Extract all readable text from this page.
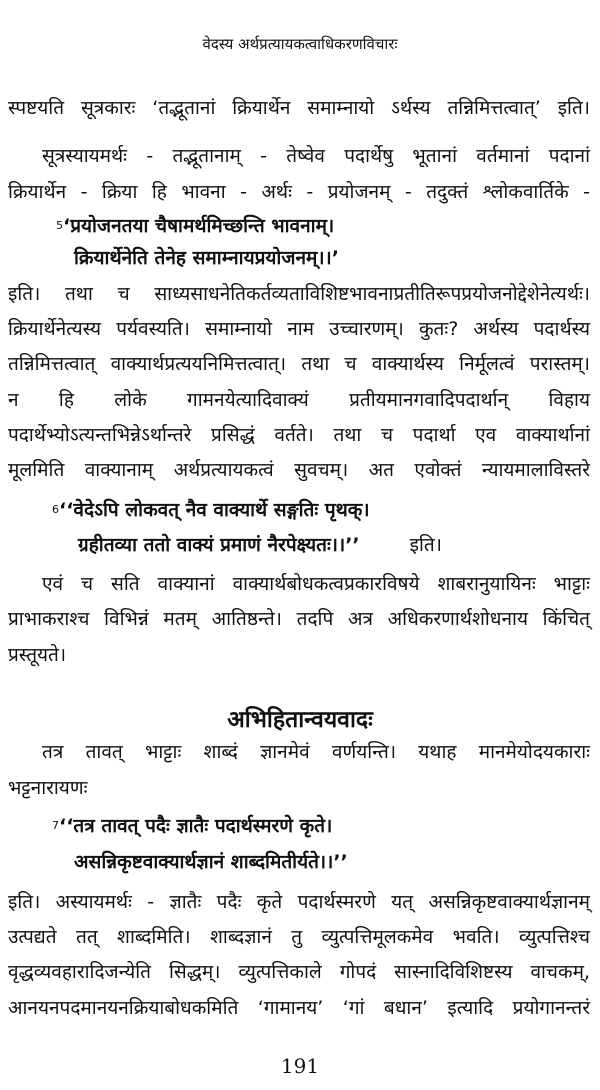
वेदस्य अर्थप्रत्यायकत्वाधिकरणविचारः
स्पष्टयति सूत्रकारः ‘तद्भूतानां क्रियार्थेन समाम्नायो ऽर्थस्य तन्निमित्तत्वात्’ इति।
सूत्रस्यायमर्थः - तद्भूतानाम् - तेष्वेव पदार्थेषु भूतानां वर्तमानां पदानां
क्रियार्थेन - क्रिया हि भावना - अर्थः - प्रयोजनम् - तदुक्तं श्लोकवार्तिके -
$^5$‘प्रयोजनतया चैषामर्थमिच्छन्ति भावनाम्।
क्रियार्थेनेति तेनेह समाम्नायप्रयोजनम्।।’
इति। तथा च साध्यसाधनेतिकर्तव्यताविशिष्टभावनाप्रतीतिरूपप्रयोजनोद्देशेनेत्यर्थः।
क्रियार्थेनेत्यस्य पर्यवस्यति। समाम्नायो नाम उच्चारणम्। कुतः? अर्थस्य पदार्थस्य
तन्निमित्तत्वात् वाक्यार्थप्रत्ययनिमित्तत्वात्। तथा च वाक्यार्थस्य निर्मूलत्वं परास्तम्।
न हि लोके गामनयेत्यादिवाक्यं प्रतीयमानगवादिपदार्थान् विहाय
पदार्थेभ्योऽत्यन्तभिन्नेऽर्थान्तरे प्रसिद्धं वर्तते। तथा च पदार्था एव वाक्यार्थानां
मूलमिति वाक्यानाम् अर्थप्रत्यायकत्वं सुवचम्। अत एवोक्तं न्यायमालाविस्तरे
$^6$‘‘वेदेऽपि लोकवत् नैव वाक्यार्थे सङ्गतिः पृथक्।
ग्रहीतव्या ततो वाक्यं प्रमाणं नैरपेक्ष्यतः।।’’	इति।
एवं च सति वाक्यानां वाक्यार्थबोधकत्वप्रकारविषये शाबरानुयायिनः भाट्टाः
प्राभाकराश्च विभिन्नं मतम् आतिष्ठन्ते। तदपि अत्र अधिकरणार्थशोधनाय किंचित्
प्रस्तूयते।
अभिहितान्वयवादः
तत्र तावत् भाट्टाः शाब्दं ज्ञानमेवं वर्णयन्ति। यथाह मानमेयोदयकाराः
भट्टनारायणः
$^7$‘‘तत्र तावत् पदैः ज्ञातैः पदार्थस्मरणे कृते।
असन्निकृष्टवाक्यार्थज्ञानं शाब्दमितीर्यते।।’’
इति। अस्यायमर्थः - ज्ञातैः पदैः कृते पदार्थस्मरणे यत् असन्निकृष्टवाक्यार्थज्ञानम्
उत्पद्यते तत् शाब्दमिति। शाब्दज्ञानं तु व्युत्पत्तिमूलकमेव भवति। व्युत्पत्तिश्च
वृद्धव्यवहारादिजन्येति सिद्धम्। व्युत्पत्तिकाले गोपदं सास्नादिविशिष्टस्य वाचकम्,
आनयनपदमानयनक्रियाबोधकमिति ‘गामानय’ ‘गां बधान’ इत्यादि प्रयोगानन्तरं
191
